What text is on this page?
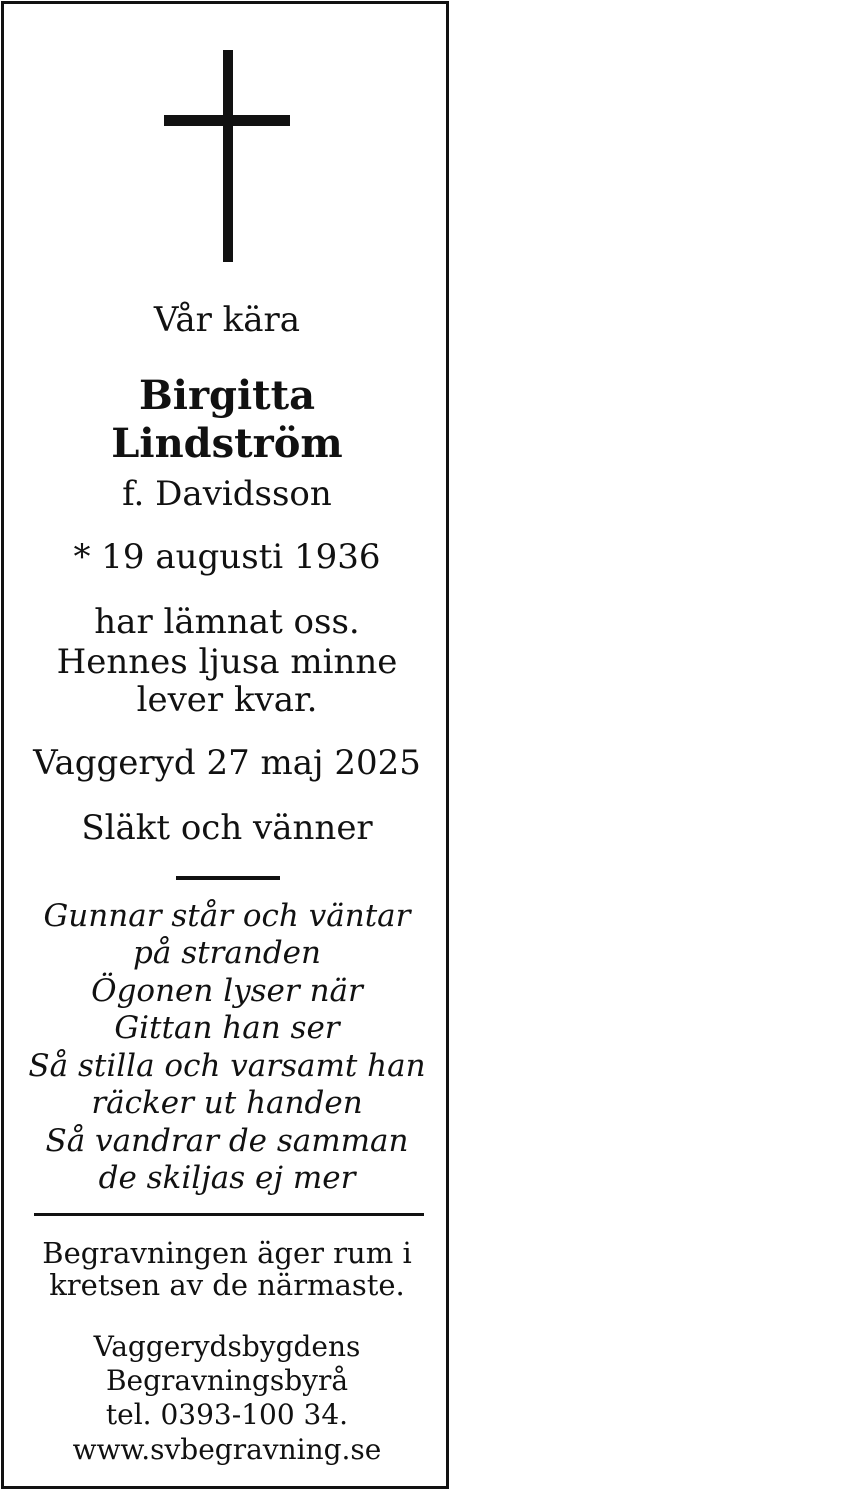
Vår kära
Birgitta
Lindström
f. Davidsson
* 19 augusti 1936
har lämnat oss.
Hennes ljusa minne
lever kvar.
Vaggeryd 27 maj 2025
Släkt och vänner
Gunnar står och väntar
på stranden
Ögonen lyser när
Gittan han ser
Så stilla och varsamt han
räcker ut handen
Så vandrar de samman
de skiljas ej mer
Begravningen äger rum i
kretsen av de närmaste.
Vaggerydsbygdens
Begravningsbyrå
tel. 0393-100 34.
www.svbegravning.se
